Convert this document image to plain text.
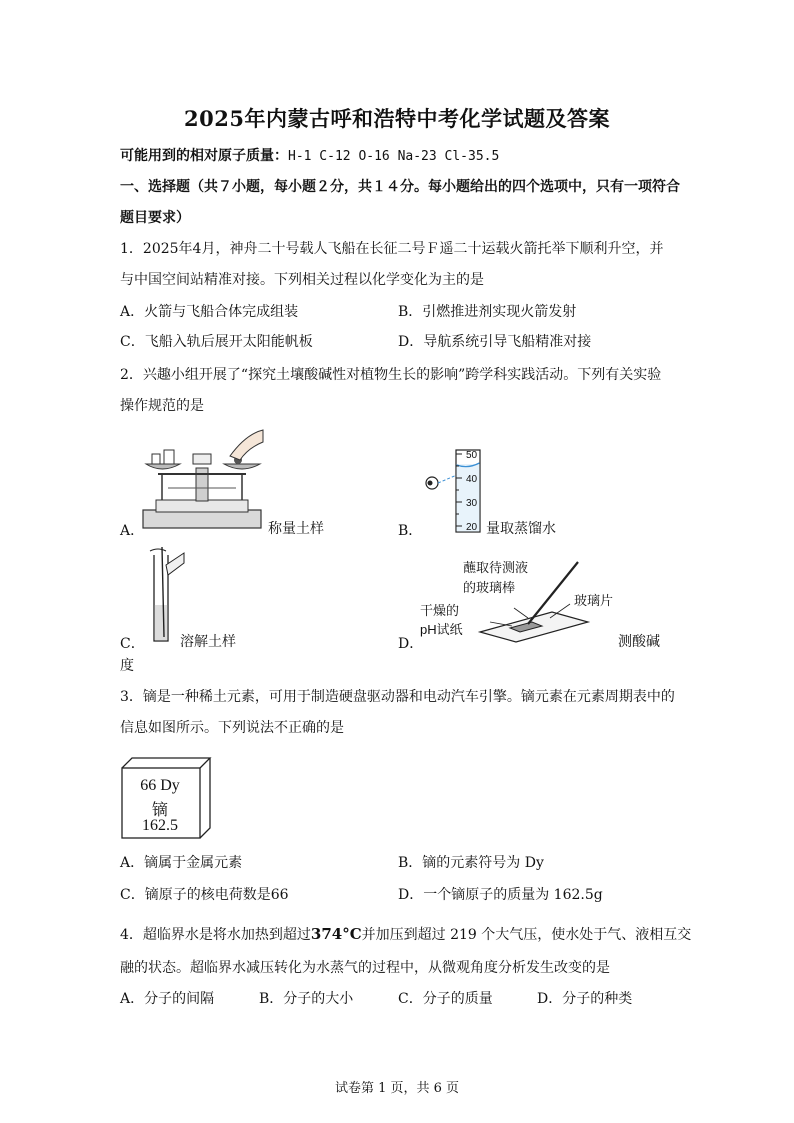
2025年内蒙古呼和浩特中考化学试题及答案
可能用到的相对原子质量：H-1 C-12 O-16 Na-23 Cl-35.5
一、选择题（共７小题，每小题２分，共１４分。每小题给出的四个选项中，只有一项符合
题目要求）
1．2025年4月，神舟二十号载人飞船在长征二号Ｆ遥二十运载火箭托举下顺利升空，并
与中国空间站精准对接。下列相关过程以化学变化为主的是
A．火箭与飞船合体完成组装	B．引燃推进剂实现火箭发射
C．飞船入轨后展开太阳能帆板	D．导航系统引导飞船精准对接
2．兴趣小组开展了“探究土壤酸碱性对植物生长的影响”跨学科实践活动。下列有关实验
操作规范的是
A．	称量土样
50
40
30
20
B．	量取蒸馏水
C．	溶解土样
蘸取待测液
的玻璃棒
玻璃片
干燥的
pH试纸
D．	测酸碱
度
3．镝是一种稀土元素，可用于制造硬盘驱动器和电动汽车引擎。镝元素在元素周期表中的
信息如图所示。下列说法不正确的是
66 Dy
镝
162.5
A．镝属于金属元素	B．镝的元素符号为 Dy
C．镝原子的核电荷数是66	D．一个镝原子的质量为 162.5g
4．超临界水是将水加热到超过374°C并加压到超过 219 个大气压，使水处于气、液相互交
融的状态。超临界水减压转化为水蒸气的过程中，从微观角度分析发生改变的是
A．分子的间隔	B．分子的大小	C．分子的质量	D．分子的种类
试卷第 1 页，共 6 页
